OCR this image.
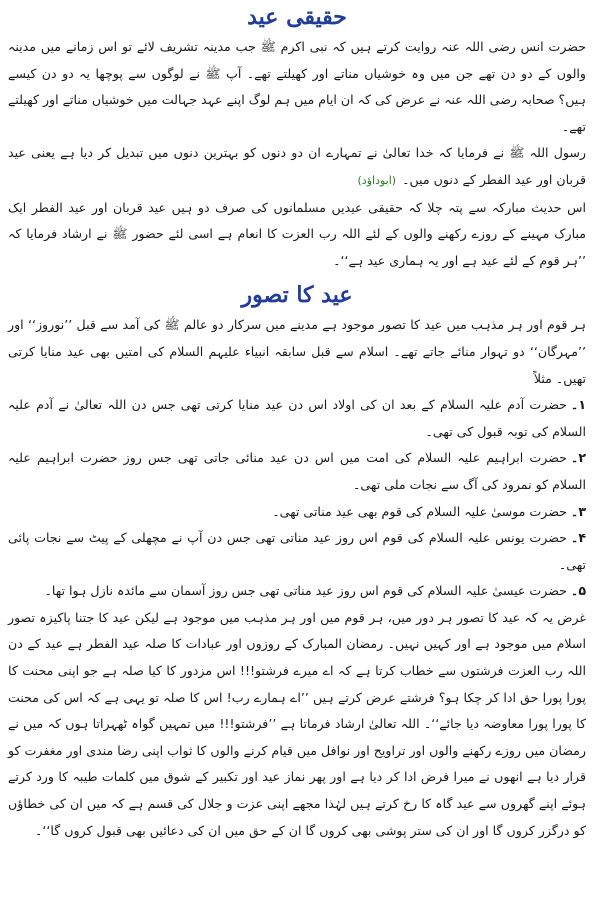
حقیقی عید

حضرت انس رضی اللہ عنہ روایت کرتے ہیں کہ نبی اکرم ﷺ جب مدینہ تشریف لائے تو اس زمانے میں مدینہ والوں کے دو دن تھے جن میں وہ خوشیاں مناتے اور کھیلتے تھے۔ آپ ﷺ نے لوگوں سے پوچھا یہ دو دن کیسے ہیں؟ صحابہ رضی اللہ عنہ نے عرض کی کہ ان ایام میں ہم لوگ اپنے عہد جہالت میں خوشیاں مناتے اور کھیلتے تھے۔

رسول اللہ ﷺ نے فرمایا کہ خدا تعالیٰ نے تمہارے ان دو دنوں کو بہترین دنوں میں تبدیل کر دیا ہے یعنی عید قربان اور عید الفطر کے دنوں میں۔(ابوداؤد)

اس حدیث مبارکہ سے پتہ چلا کہ حقیقی عیدیں مسلمانوں کی صرف دو ہیں عید قربان اور عید الفطر ایک مبارک مہینے کے روزے رکھنے والوں کے لئے اللہ رب العزت کا انعام ہے اسی لئے حضور ﷺ نے ارشاد فرمایا کہ ’’ہر قوم کے لئے عید ہے اور یہ ہماری عید ہے‘‘۔

عید کا تصور

ہر قوم اور ہر مذہب میں عید کا تصور موجود ہے مدینے میں سرکار دو عالم ﷺ کی آمد سے قبل ’’نوروز‘‘ اور ’’مہرگان‘‘ دو تہوار منائے جاتے تھے۔ اسلام سے قبل سابقہ انبیاء علیہم السلام کی امتیں بھی عید منایا کرتی تھیں۔ مثلاً

۱۔حضرت آدم علیہ السلام کے بعد ان کی اولاد اس دن عید منایا کرتی تھی جس دن اللہ تعالیٰ نے آدم علیہ السلام کی توبہ قبول کی تھی۔
۲۔حضرت ابراہیم علیہ السلام کی امت میں اس دن عید منائی جاتی تھی جس روز حضرت ابراہیم علیہ السلام کو نمرود کی آگ سے نجات ملی تھی۔
۳۔حضرت موسیٰ علیہ السلام کی قوم بھی عید مناتی تھی۔
۴۔حضرت یونس علیہ السلام کی قوم اس روز عید مناتی تھی جس دن آپ نے مچھلی کے پیٹ سے نجات پائی تھی۔
۵۔حضرت عیسیٰ علیہ السلام کی قوم اس روز عید مناتی تھی جس روز آسمان سے مائدہ نازل ہوا تھا۔

غرض یہ کہ عید کا تصور ہر دور میں، ہر قوم میں اور ہر مذہب میں موجود ہے لیکن عید کا جتنا پاکیزہ تصور اسلام میں موجود ہے اور کہیں نہیں۔ رمضان المبارک کے روزوں اور عبادات کا صلہ عید الفطر ہے عید کے دن اللہ رب العزت فرشتوں سے خطاب کرتا ہے کہ اے میرے فرشتو!!! اس مزدور کا کیا صلہ ہے جو اپنی محنت کا پورا پورا حق ادا کر چکا ہو؟ فرشتے عرض کرتے ہیں ’’اے ہمارے رب! اس کا صلہ تو یہی ہے کہ اس کی محنت کا پورا پورا معاوضہ دیا جائے‘‘۔ اللہ تعالیٰ ارشاد فرماتا ہے ’’فرشتو!!! میں تمہیں گواہ ٹھہراتا ہوں کہ میں نے رمضان میں روزے رکھنے والوں اور تراویح اور نوافل میں قیام کرنے والوں کا ثواب اپنی رضا مندی اور مغفرت کو قرار دیا ہے انھوں نے میرا فرض ادا کر دیا ہے اور پھر نماز عید اور تکبیر کے شوق میں کلمات طیبہ کا ورد کرتے ہوئے اپنے گھروں سے عید گاہ کا رخ کرتے ہیں لہٰذا مجھے اپنی عزت و جلال کی قسم ہے کہ میں ان کی خطاؤں کو درگزر کروں گا اور ان کی ستر پوشی بھی کروں گا ان کے حق میں ان کی دعائیں بھی قبول کروں گا‘‘۔
